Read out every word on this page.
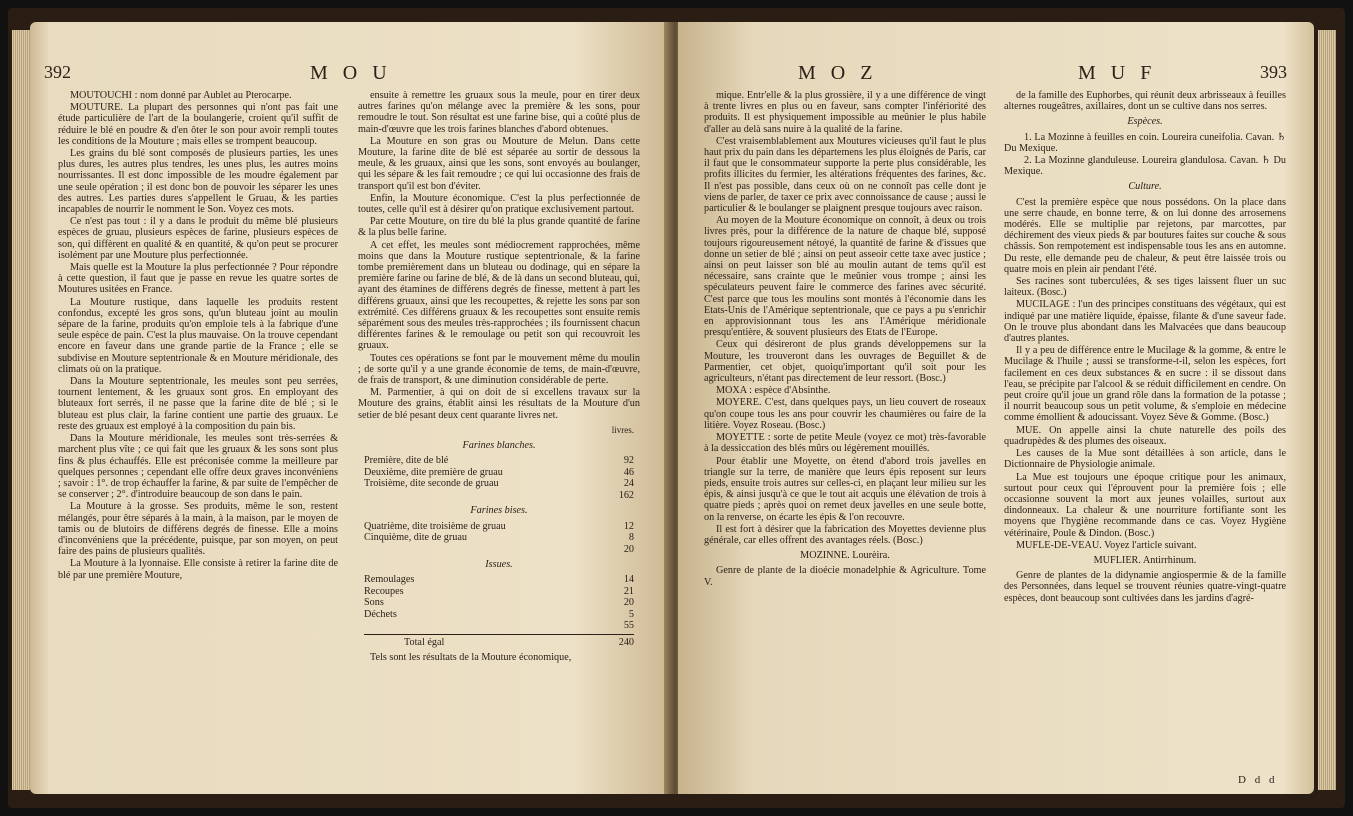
392	M O U

MOUTOUCHI : nom donné par Aublet au Pterocarpe.

MOUTURE. La plupart des personnes qui n'ont pas fait une étude particulière de l'art de la boulangerie, croient qu'il suffit de réduire le blé en poudre & d'en ôter le son pour avoir rempli toutes les conditions de la Mouture ; mais elles se trompent beaucoup.

Les grains du blé sont composés de plusieurs parties, les unes plus dures, les autres plus tendres, les unes plus, les autres moins nourrissantes. Il est donc impossible de les moudre également par une seule opération ; il est donc bon de pouvoir les séparer les unes des autres. Les parties dures s'appellent le Gruau, & les parties incapables de nourrir le nomment le Son. Voyez ces mots.

Ce n'est pas tout : il y a dans le produit du même blé plusieurs espèces de gruau, plusieurs espèces de farine, plusieurs espèces de son, qui diffèrent en qualité & en quantité, & qu'on peut se procurer isolément par une Mouture plus perfectionnée.

Mais quelle est la Mouture la plus perfectionnée ? Pour répondre à cette question, il faut que je passe en revue les quatre sortes de Moutures usitées en France.

La Mouture rustique, dans laquelle les produits restent confondus, excepté les gros sons, qu'un bluteau joint au moulin sépare de la farine, produits qu'on emploie tels à la fabrique d'une seule espèce de pain. C'est la plus mauvaise. On la trouve cependant encore en faveur dans une grande partie de la France ; elle se subdivise en Mouture septentrionale & en Mouture méridionale, des climats où on la pratique.

Dans la Mouture septentrionale, les meules sont peu serrées, tournent lentement, & les gruaux sont gros. En employant des bluteaux fort serrés, il ne passe que la farine dite de blé ; si le bluteau est plus clair, la farine contient une partie des gruaux. Le reste des gruaux est employé à la composition du pain bis.

Dans la Mouture méridionale, les meules sont très-serrées & marchent plus vîte ; ce qui fait que les gruaux & les sons sont plus fins & plus échauffés. Elle est préconisée comme la meilleure par quelques personnes ; cependant elle offre deux graves inconvéniens ; savoir : 1°. de trop échauffer la farine, & par suite de l'empêcher de se conserver ; 2°. d'introduire beaucoup de son dans le pain.

La Mouture à la grosse. Ses produits, même le son, restent mélangés, pour être séparés à la main, à la maison, par le moyen de tamis ou de blutoirs de différens degrés de finesse. Elle a moins d'inconvéniens que la précédente, puisque, par son moyen, on peut faire des pains de plusieurs qualités.

La Mouture à la lyonnaise. Elle consiste à retirer la farine dite de blé par une première Mouture,

ensuite à remettre les gruaux sous la meule, pour en tirer deux autres farines qu'on mélange avec la première & les sons, pour remoudre le tout. Son résultat est une farine bise, qui a coûté plus de main-d'œuvre que les trois farines blanches d'abord obtenues.

La Mouture en son gras ou Mouture de Melun. Dans cette Mouture, la farine dite de blé est séparée au sortir de dessous la meule, & les gruaux, ainsi que les sons, sont envoyés au boulanger, qui les sépare & les fait remoudre ; ce qui lui occasionne des frais de transport qu'il est bon d'éviter.

Enfin, la Mouture économique. C'est la plus perfectionnée de toutes, celle qu'il est à désirer qu'on pratique exclusivement partout.

Par cette Mouture, on tire du blé la plus grande quantité de farine & la plus belle farine.

A cet effet, les meules sont médiocrement rapprochées, même moins que dans la Mouture rustique septentrionale, & la farine tombe premièrement dans un bluteau ou dodinage, qui en sépare la première farine ou farine de blé, & de là dans un second bluteau, qui, ayant des étamines de différens degrés de finesse, mettent à part les différens gruaux, ainsi que les recoupettes, & rejette les sons par son extrémité. Ces différens gruaux & les recoupettes sont ensuite remis séparément sous des meules très-rapprochées ; ils fournissent chacun différentes farines & le remoulage ou petit son qui recouvroit les gruaux.

Toutes ces opérations se font par le mouvement même du moulin ; de sorte qu'il y a une grande économie de tems, de main-d'œuvre, de frais de transport, & une diminution considérable de perte.

M. Parmentier, à qui on doit de si excellens travaux sur la Mouture des grains, établit ainsi les résultats de la Mouture d'un setier de blé pesant deux cent quarante livres net.

livres.

Farines blanches.

Première, dite de blé	92
Deuxième, dite première de gruau	46
Troisième, dite seconde de gruau	24
	162

Farines bises.

Quatrième, dite troisième de gruau	12
Cinquième, dite de gruau	8
	20

Issues.

Remoulages	14
Recoupes	21
Sons	20
Déchets	5
	55
Total égal	240

Tels sont les résultats de la Mouture économique,

M O Z	M U F	393

mique. Entr'elle & la plus grossière, il y a une différence de vingt à trente livres en plus ou en faveur, sans compter l'infériorité des produits. Il est physiquement impossible au meûnier le plus habile d'aller au delà sans nuire à la qualité de la farine.

C'est vraisemblablement aux Moutures vicieuses qu'il faut le plus haut prix du pain dans les départemens les plus éloignés de Paris, car il faut que le consommateur supporte la perte plus considérable, les profits illicites du fermier, les altérations fréquentes des farines, &c. Il n'est pas possible, dans ceux où on ne connoît pas celle dont je viens de parler, de taxer ce prix avec connoissance de cause ; aussi le particulier & le boulanger se plaignent presque toujours avec raison.

Au moyen de la Mouture économique on connoît, à deux ou trois livres près, pour la différence de la nature de chaque blé, supposé toujours rigoureusement nétoyé, la quantité de farine & d'issues que donne un setier de blé ; ainsi on peut asseoir cette taxe avec justice ; ainsi on peut laisser son blé au moulin autant de tems qu'il est nécessaire, sans crainte que le meûnier vous trompe ; ainsi les spéculateurs peuvent faire le commerce des farines avec sécurité. C'est parce que tous les moulins sont montés à l'économie dans les Etats-Unis de l'Amérique septentrionale, que ce pays a pu s'enrichir en approvisionnant tous les ans l'Amérique méridionale presqu'entière, & souvent plusieurs des Etats de l'Europe.

Ceux qui désireront de plus grands développemens sur la Mouture, les trouveront dans les ouvrages de Beguillet & de Parmentier, cet objet, quoiqu'important qu'il soit pour les agriculteurs, n'étant pas directement de leur ressort. (Bosc.)

MOXA : espèce d'Absinthe.

MOYERE. C'est, dans quelques pays, un lieu couvert de roseaux qu'on coupe tous les ans pour couvrir les chaumières ou faire de la litière. Voyez Roseau. (Bosc.)

MOYETTE : sorte de petite Meule (voyez ce mot) très-favorable à la dessiccation des blés mûrs ou légèrement mouillés.

Pour établir une Moyette, on étend d'abord trois javelles en triangle sur la terre, de manière que leurs épis reposent sur leurs pieds, ensuite trois autres sur celles-ci, en plaçant leur milieu sur les épis, & ainsi jusqu'à ce que le tout ait acquis une élévation de trois à quatre pieds ; après quoi on remet deux javelles en une seule botte, on la renverse, on écarte les épis & l'on recouvre.

Il est fort à désirer que la fabrication des Moyettes devienne plus générale, car elles offrent des avantages réels. (Bosc.)

MOZINNE. Lourèira.

Genre de plante de la dioécie monadelphie & Agriculture. Tome V.

de la famille des Euphorbes, qui réunit deux arbrisseaux à feuilles alternes rougeâtres, axillaires, dont un se cultive dans nos serres.

Espèces.

1. La Mozinne à feuilles en coin. Loureira cuneifolia. Cavan. ♄ Du Mexique.

2. La Mozinne glanduleuse. Loureira glandulosa. Cavan. ♄ Du Mexique.

Culture.

C'est la première espèce que nous possédons. On la place dans une serre chaude, en bonne terre, & on lui donne des arrosemens modérés. Elle se multiplie par rejetons, par marcottes, par déchirement des vieux pieds & par boutures faites sur couche & sous châssis. Son rempotement est indispensable tous les ans en automne. Du reste, elle demande peu de chaleur, & peut être laissée trois ou quatre mois en plein air pendant l'été.

Ses racines sont tuberculées, & ses tiges laissent fluer un suc laiteux. (Bosc.)

MUCILAGE : l'un des principes constituans des végétaux, qui est indiqué par une matière liquide, épaisse, filante & d'une saveur fade. On le trouve plus abondant dans les Malvacées que dans beaucoup d'autres plantes.

Il y a peu de différence entre le Mucilage & la gomme, & entre le Mucilage & l'huile ; aussi se transforme-t-il, selon les espèces, fort facilement en ces deux substances & en sucre : il se dissout dans l'eau, se précipite par l'alcool & se réduit difficilement en cendre. On peut croire qu'il joue un grand rôle dans la formation de la potasse ; il nourrit beaucoup sous un petit volume, & s'emploie en médecine comme émollient & adoucissant. Voyez Sève & Gomme. (Bosc.)

MUE. On appelle ainsi la chute naturelle des poils des quadrupèdes & des plumes des oiseaux.

Les causes de la Mue sont détaillées à son article, dans le Dictionnaire de Physiologie animale.

La Mue est toujours une époque critique pour les animaux, surtout pour ceux qui l'éprouvent pour la première fois ; elle occasionne souvent la mort aux jeunes volailles, surtout aux dindonneaux. La chaleur & une nourriture fortifiante sont les moyens que l'hygiène recommande dans ce cas. Voyez Hygiène vétérinaire, Poule & Dindon. (Bosc.)

MUFLE-DE-VEAU. Voyez l'article suivant.

MUFLIER. Antirrhinum.

Genre de plantes de la didynamie angiospermie & de la famille des Personnées, dans lequel se trouvent réunies quatre-vingt-quatre espèces, dont beaucoup sont cultivées dans les jardins d'agré-

D d d
